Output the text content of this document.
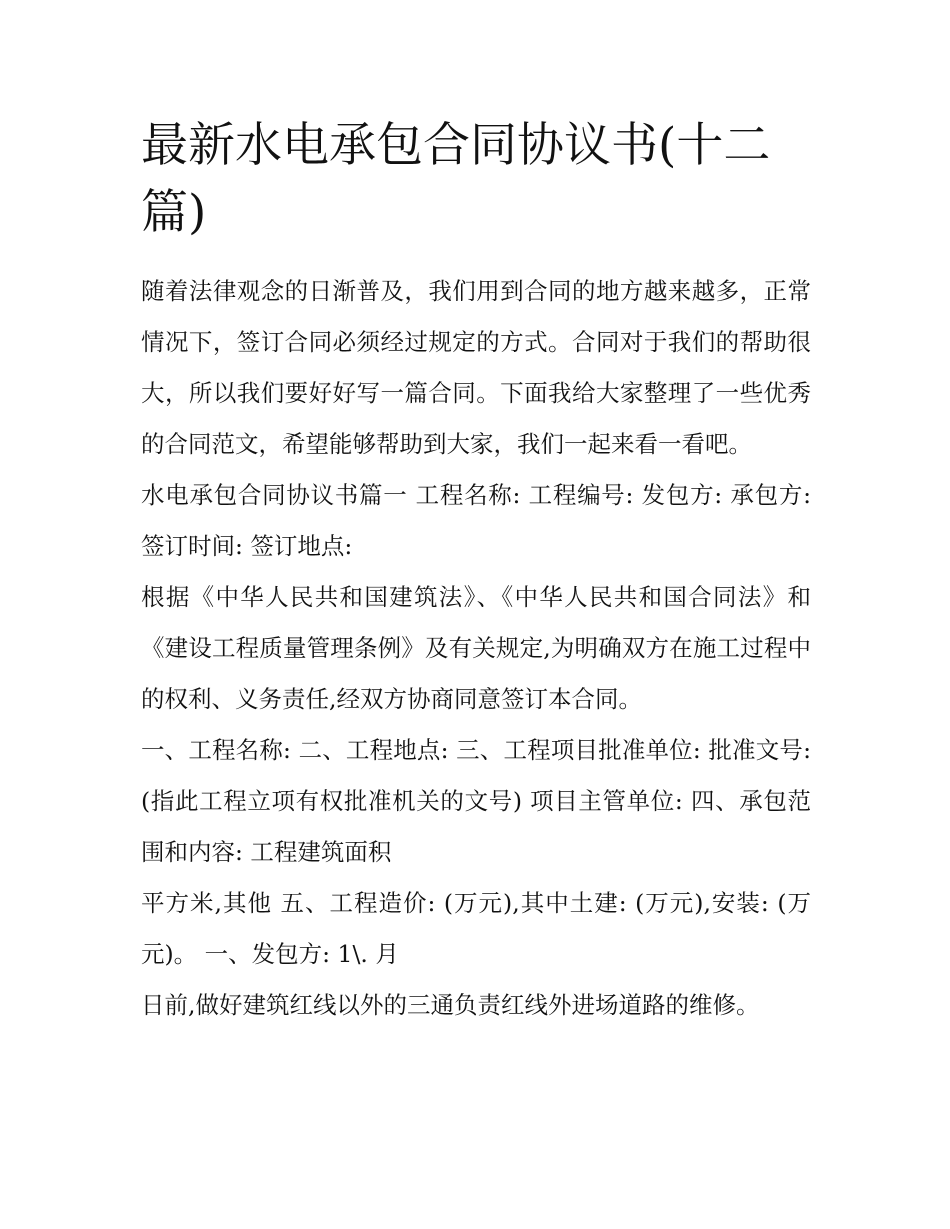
最新水电承包合同协议书(十二篇)

随着法律观念的日渐普及，我们用到合同的地方越来越多，正常情况下，签订合同必须经过规定的方式。合同对于我们的帮助很大，所以我们要好好写一篇合同。下面我给大家整理了一些优秀的合同范文，希望能够帮助到大家，我们一起来看一看吧。

水电承包合同协议书篇一 工程名称: 工程编号: 发包方: 承包方: 签订时间: 签订地点:

根据《中华人民共和国建筑法》、《中华人民共和国合同法》和《建设工程质量管理条例》及有关规定,为明确双方在施工过程中的权利、义务责任,经双方协商同意签订本合同。

一、工程名称: 二、工程地点: 三、工程项目批准单位: 批准文号:(指此工程立项有权批准机关的文号) 项目主管单位: 四、承包范围和内容: 工程建筑面积

平方米,其他 五、工程造价: (万元),其中土建: (万元),安装: (万元)。 一、发包方: 1\. 月

日前,做好建筑红线以外的三通负责红线外进场道路的维修。
